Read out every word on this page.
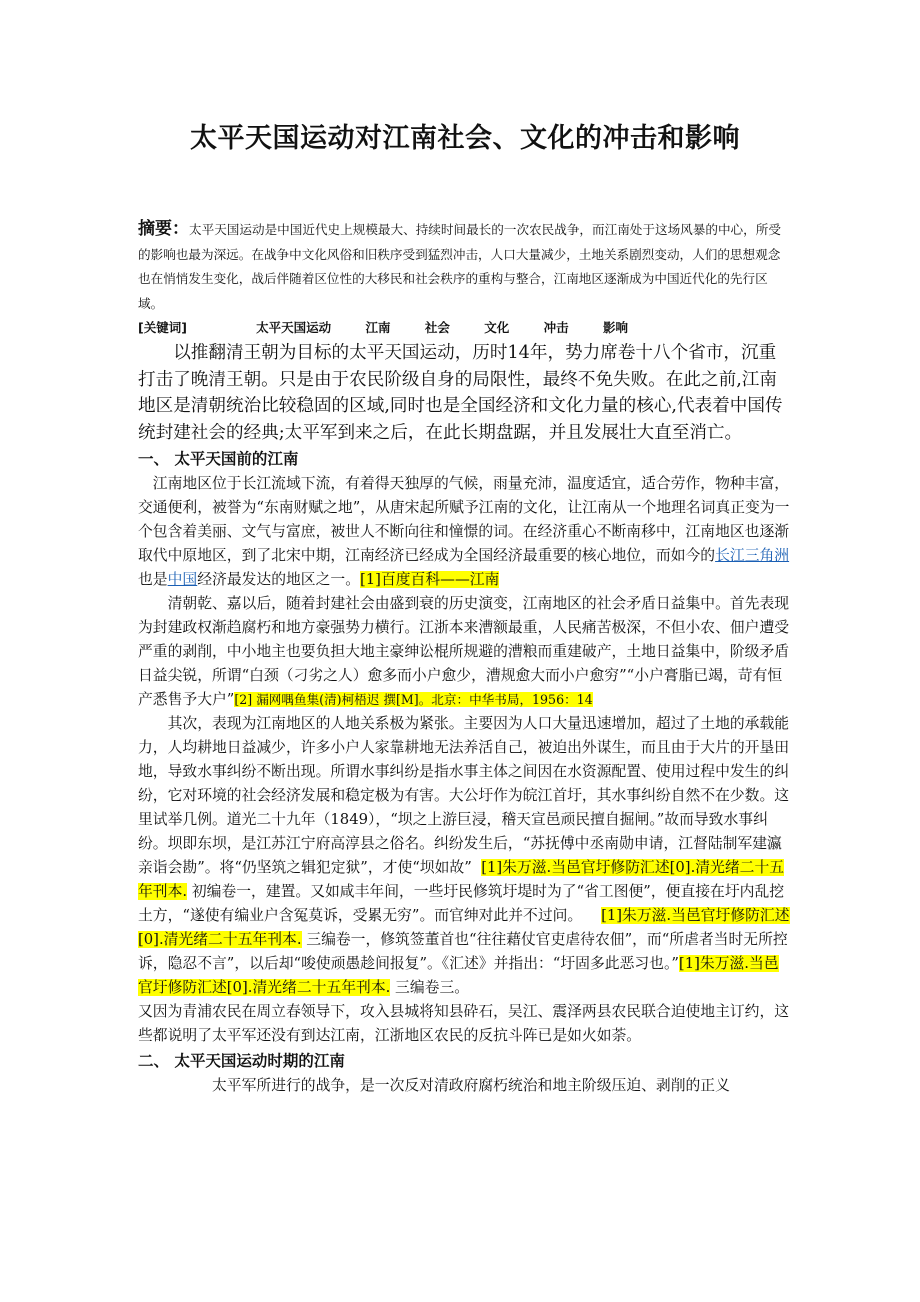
太平天国运动对江南社会、文化的冲击和影响

摘要：太平天国运动是中国近代史上规模最大、持续时间最长的一次农民战争，而江南处于这场风暴的中心，所受的影响也最为深远。在战争中文化风俗和旧秩序受到猛烈冲击，人口大量减少，土地关系剧烈变动，人们的思想观念也在悄悄发生变化，战后伴随着区位性的大移民和社会秩序的重构与整合，江南地区逐渐成为中国近代化的先行区域。

[关键词]	太平天国运动	江南	社会	文化	冲击	影响

以推翻清王朝为目标的太平天国运动，历时14年，势力席卷十八个省市，沉重打击了晚清王朝。只是由于农民阶级自身的局限性，最终不免失败。在此之前,江南地区是清朝统治比较稳固的区域,同时也是全国经济和文化力量的核心,代表着中国传统封建社会的经典;太平军到来之后，在此长期盘踞，并且发展壮大直至消亡。

一、 太平天国前的江南

江南地区位于长江流域下流，有着得天独厚的气候，雨量充沛，温度适宜，适合劳作，物种丰富，交通便利，被誉为“东南财赋之地”，从唐宋起所赋予江南的文化，让江南从一个地理名词真正变为一个包含着美丽、文气与富庶，被世人不断向往和憧憬的词。在经济重心不断南移中，江南地区也逐渐取代中原地区，到了北宋中期，江南经济已经成为全国经济最重要的核心地位，而如今的长江三角洲也是中国经济最发达的地区之一。[1]百度百科——江南

清朝乾、嘉以后，随着封建社会由盛到衰的历史演变，江南地区的社会矛盾日益集中。首先表现为封建政权渐趋腐朽和地方豪强势力横行。江浙本来漕额最重，人民痛苦极深，不但小农、佃户遭受严重的剥削，中小地主也要负担大地主豪绅讼棍所规避的漕粮而重建破产，土地日益集中，阶级矛盾日益尖锐，所谓“白颈（刁劣之人）愈多而小户愈少，漕规愈大而小户愈穷”“小户膏脂已竭，苛有恒产悉售予大户”[2] 漏网喁鱼集(清)柯梧迟 撰[M]。北京：中华书局，1956：14

其次，表现为江南地区的人地关系极为紧张。主要因为人口大量迅速增加，超过了土地的承载能力，人均耕地日益减少，许多小户人家靠耕地无法养活自己，被迫出外谋生，而且由于大片的开垦田地，导致水事纠纷不断出现。所谓水事纠纷是指水事主体之间因在水资源配置、使用过程中发生的纠纷，它对环境的社会经济发展和稳定极为有害。大公圩作为皖江首圩，其水事纠纷自然不在少数。这里试举几例。道光二十九年（1849），“坝之上游巨浸，稽天宣邑顽民擅自掘闸。”故而导致水事纠纷。坝即东坝，是江苏江宁府高淳县之俗名。纠纷发生后，“苏抚傅中丞南勋申请，江督陆制军建瀛亲诣会勘”。将“仍坚筑之辑犯定狱”，才使“坝如故” [1]朱万滋.当邑官圩修防汇述[0].清光绪二十五年刊本. 初编卷一，建置。又如咸丰年间，一些圩民修筑圩堤时为了“省工图便”，便直接在圩内乱挖土方，“遂使有编业户含冤莫诉，受累无穷”。而官绅对此并不过问。 [1]朱万滋.当邑官圩修防汇述[0].清光绪二十五年刊本. 三编卷一，修筑签董首也“往往藉仗官吏虐待农佃”，而“所虐者当时无所控诉，隐忍不言”，以后却“唆使顽愚趁间报复”。《汇述》并指出：“圩固多此恶习也。”[1]朱万滋.当邑官圩修防汇述[0].清光绪二十五年刊本. 三编卷三。

又因为青浦农民在周立春领导下，攻入县城将知县砕石，吴江、震泽两县农民联合迫使地主订约，这些都说明了太平军还没有到达江南，江浙地区农民的反抗斗阵已是如火如荼。

二、 太平天国运动时期的江南

太平军所进行的战争，是一次反对清政府腐朽统治和地主阶级压迫、剥削的正义
